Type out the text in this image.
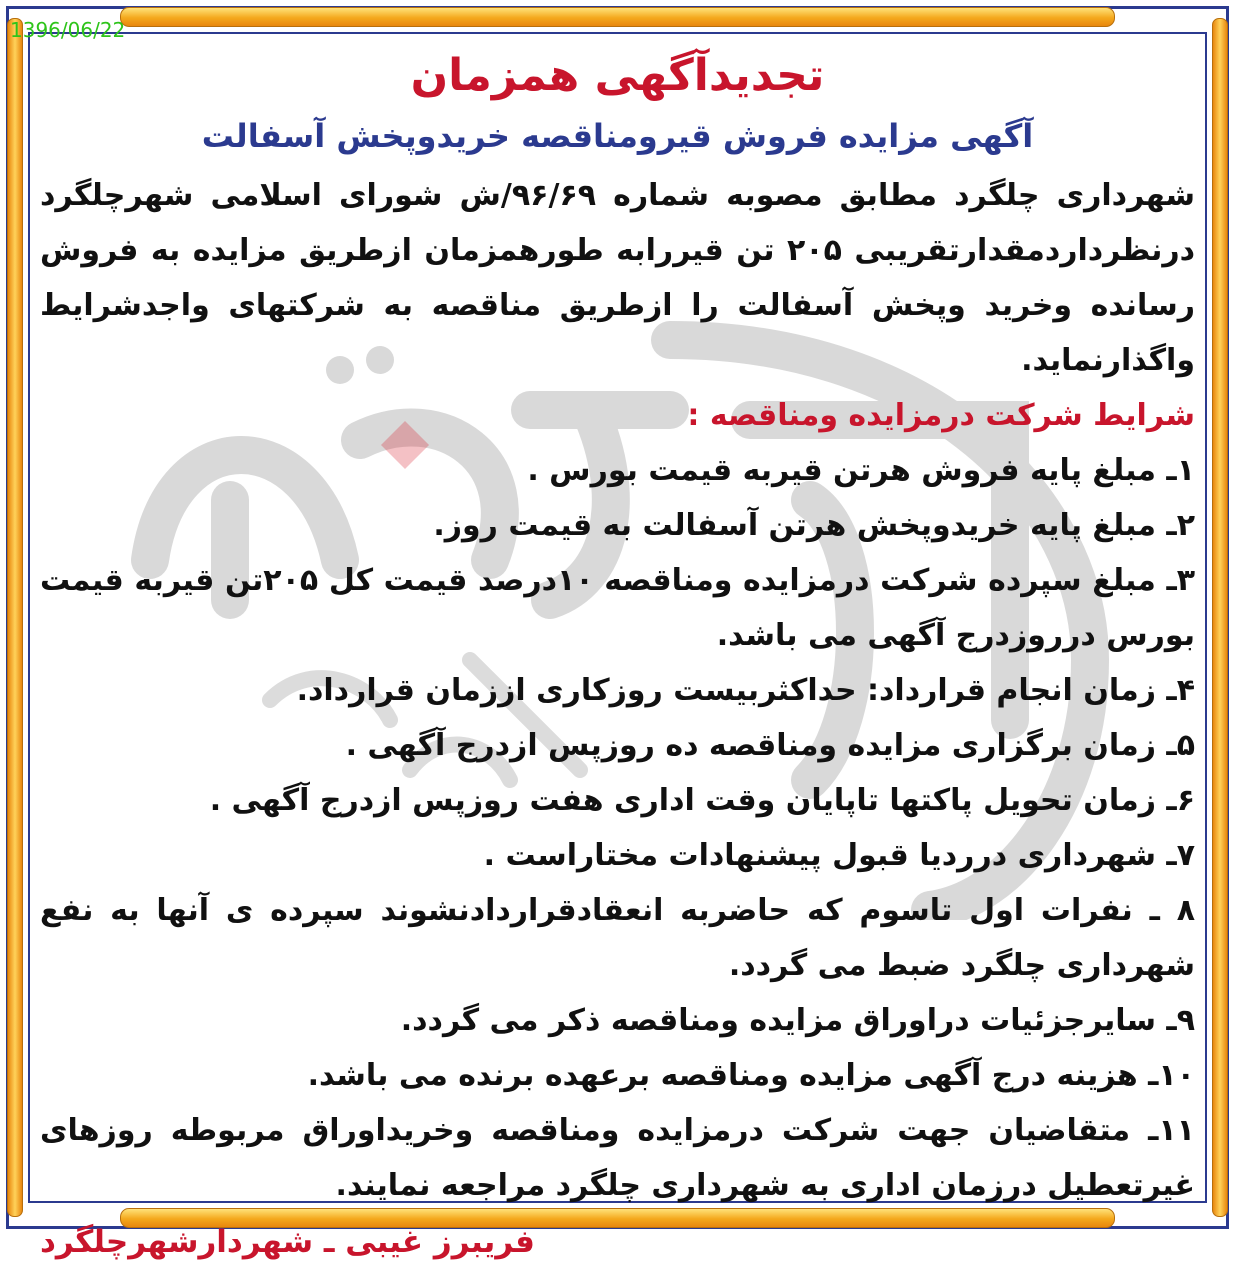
1396/06/22
تجدیدآگهی همزمان
آگهی مزایده فروش قیرومناقصه خریدوپخش آسفالت

شهرداری چلگرد مطابق مصوبه شماره ۹۶/۶۹/ش شورای اسلامی شهرچلگرد درنظرداردمقدارتقریبی ۲۰۵ تن قیررابه طورهمزمان ازطریق مزایده به فروش رسانده وخرید وپخش آسفالت را ازطریق مناقصه به شرکتهای واجدشرایط واگذارنماید.

شرایط شرکت درمزایده ومناقصه :

۱ـ مبلغ پایه فروش هرتن قیربه قیمت بورس .
۲ـ مبلغ پایه خریدوپخش هرتن آسفالت به قیمت روز.
۳ـ مبلغ سپرده شرکت درمزایده ومناقصه ۱۰درصد قیمت کل ۲۰۵تن قیربه قیمت بورس درروزدرج آگهی می باشد.
۴ـ زمان انجام قرارداد: حداکثربیست روزکاری اززمان قرارداد.
۵ـ زمان برگزاری مزایده ومناقصه ده روزپس ازدرج آگهی .
۶ـ زمان تحویل پاکتها تاپایان وقت اداری هفت روزپس ازدرج آگهی .
۷ـ شهرداری درردیا قبول پیشنهادات مختاراست .
۸ ـ نفرات اول تاسوم که حاضربه انعقادقراردادنشوند سپرده ی آنها به نفع شهرداری چلگرد ضبط می گردد.
۹ـ سایرجزئیات دراوراق مزایده ومناقصه ذکر می گردد.
۱۰ـ هزینه درج آگهی مزایده ومناقصه برعهده برنده می باشد.
۱۱ـ متقاضیان جهت شرکت درمزایده ومناقصه وخریداوراق مربوطه روزهای غیرتعطیل درزمان اداری به شهرداری چلگرد مراجعه نمایند.

فریبرز غیبی ـ شهردارشهرچلگرد
